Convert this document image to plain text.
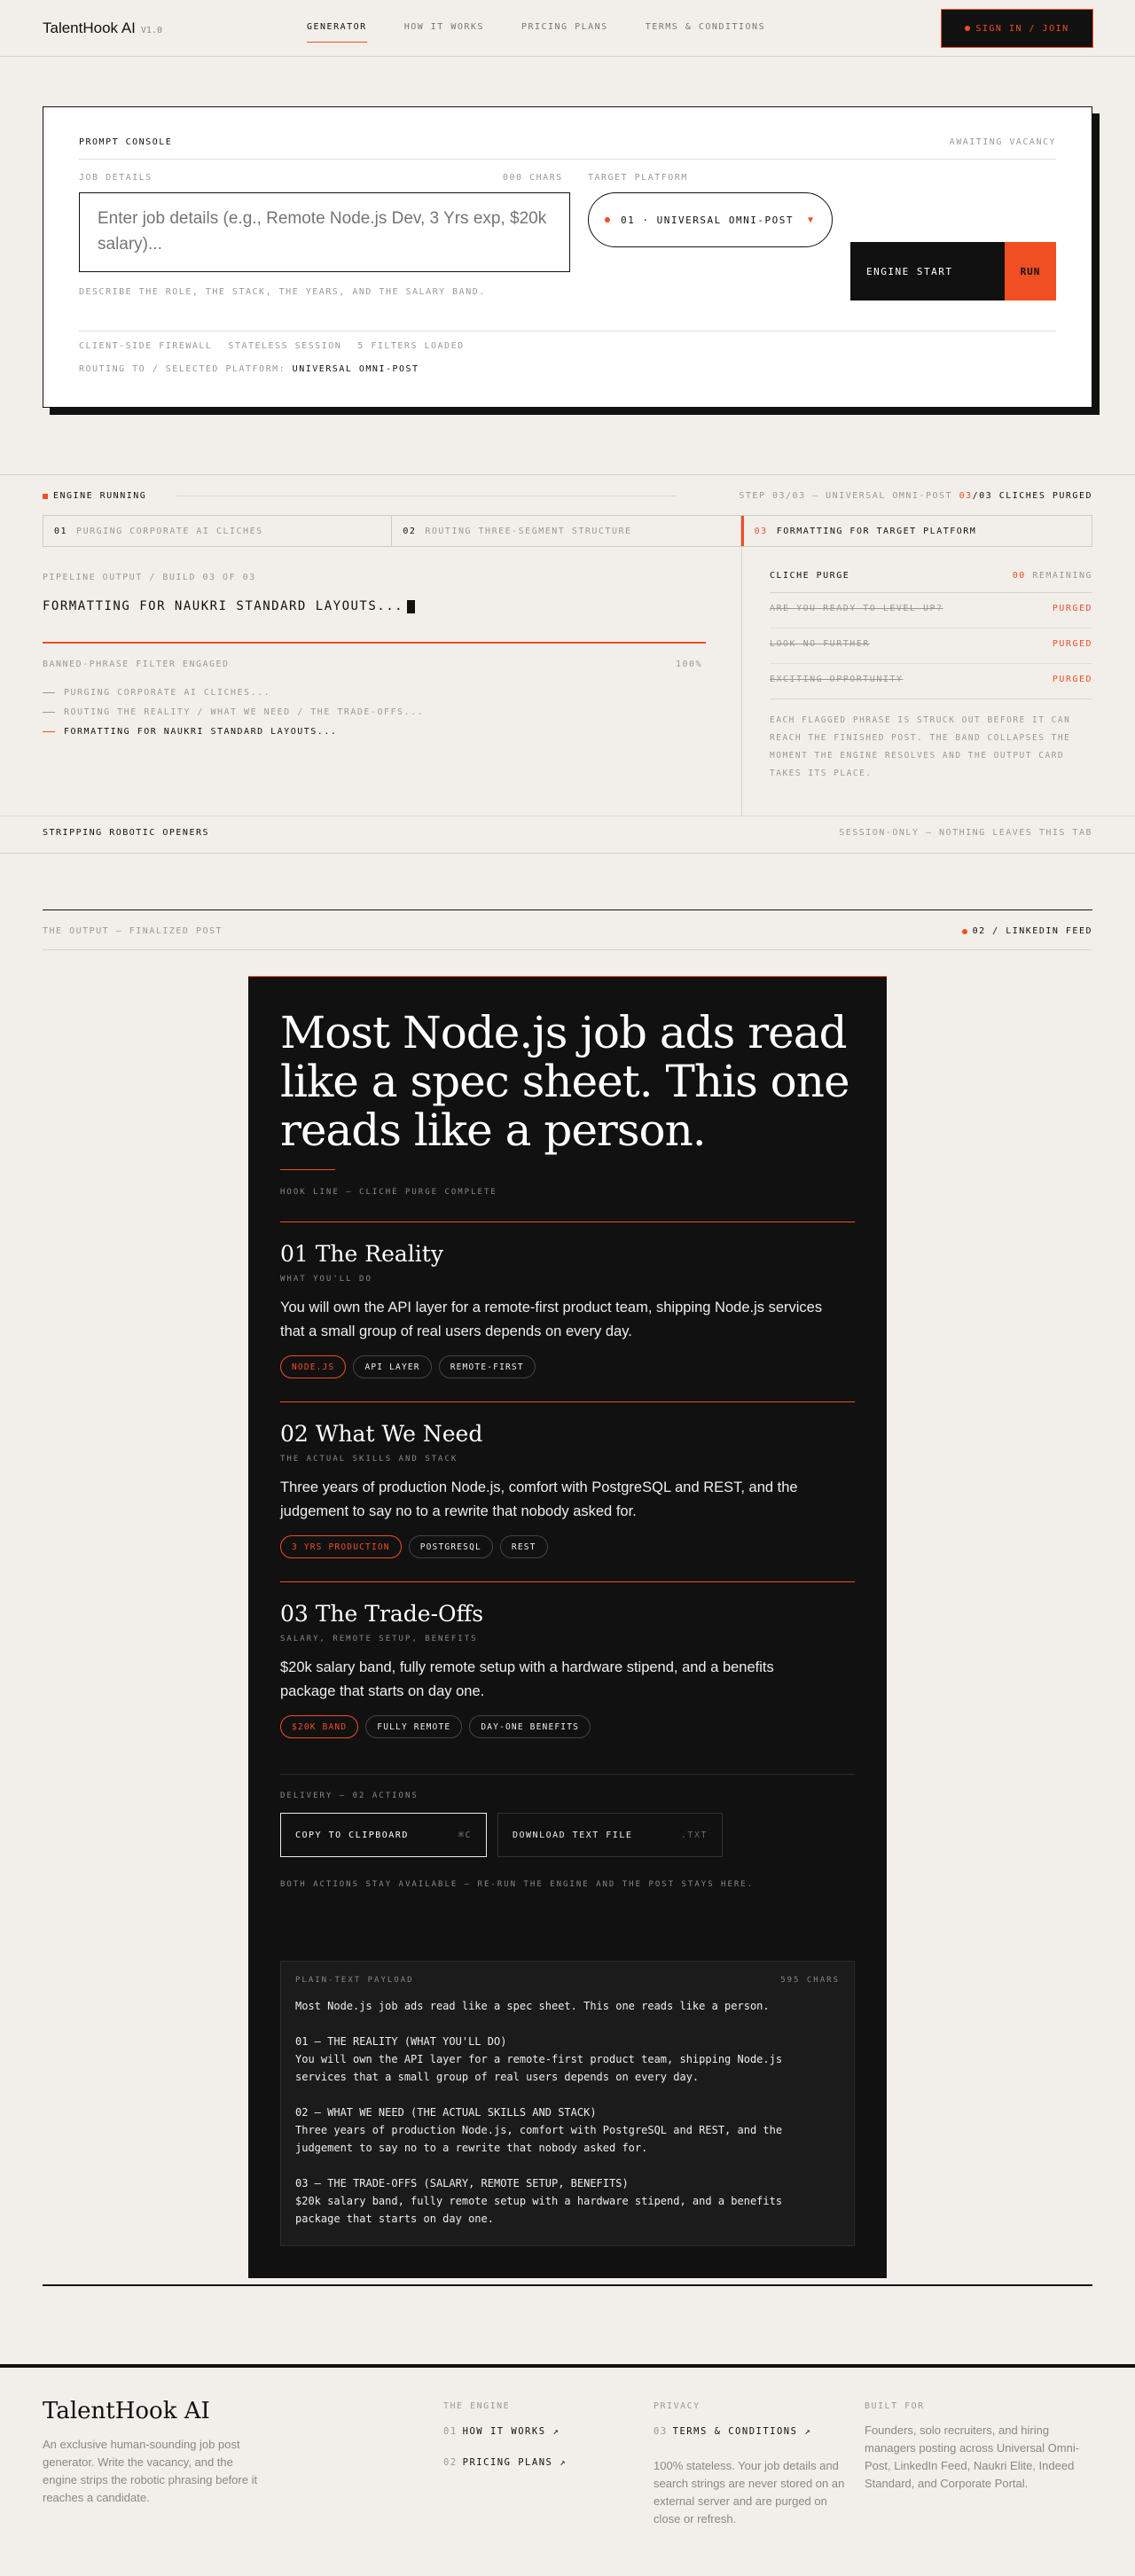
TalentHook AI V1.0	GENERATOR	HOW IT WORKS	PRICING PLANS	TERMS & CONDITIONS	SIGN IN / JOIN
PROMPT CONSOLE	AWAITING VACANCY
JOB DETAILS	000 CHARS	TARGET PLATFORM
Enter job details (e.g., Remote Node.js Dev, 3 Yrs exp, $20k salary)...
01 · UNIVERSAL OMNI-POST ▼
DESCRIBE THE ROLE, THE STACK, THE YEARS, AND THE SALARY BAND.
ENGINE START	RUN
CLIENT-SIDE FIREWALL STATELESS SESSION 5 FILTERS LOADED
ROUTING TO / SELECTED PLATFORM: UNIVERSAL OMNI-POST
ENGINE RUNNING	STEP 03/03 — UNIVERSAL OMNI-POST 03/03 CLICHES PURGED
01 PURGING CORPORATE AI CLICHES	02 ROUTING THREE-SEGMENT STRUCTURE	03 FORMATTING FOR TARGET PLATFORM
PIPELINE OUTPUT / BUILD 03 OF 03
FORMATTING FOR NAUKRI STANDARD LAYOUTS...
BANNED-PHRASE FILTER ENGAGED	100%
PURGING CORPORATE AI CLICHES...
ROUTING THE REALITY / WHAT WE NEED / THE TRADE-OFFS...
FORMATTING FOR NAUKRI STANDARD LAYOUTS...
CLICHE PURGE	00 REMAINING
ARE YOU READY TO LEVEL UP?	PURGED
LOOK NO FURTHER	PURGED
EXCITING OPPORTUNITY	PURGED
EACH FLAGGED PHRASE IS STRUCK OUT BEFORE IT CAN REACH THE FINISHED POST. THE BAND COLLAPSES THE MOMENT THE ENGINE RESOLVES AND THE OUTPUT CARD TAKES ITS PLACE.
STRIPPING ROBOTIC OPENERS	SESSION-ONLY — NOTHING LEAVES THIS TAB
THE OUTPUT — FINALIZED POST	02 / LINKEDIN FEED
Most Node.js job ads read like a spec sheet. This one reads like a person.
HOOK LINE — CLICHÉ PURGE COMPLETE
01 The Reality
WHAT YOU'LL DO
You will own the API layer for a remote-first product team, shipping Node.js services that a small group of real users depends on every day.
NODE.JS	API LAYER	REMOTE-FIRST
02 What We Need
THE ACTUAL SKILLS AND STACK
Three years of production Node.js, comfort with PostgreSQL and REST, and the judgement to say no to a rewrite that nobody asked for.
3 YRS PRODUCTION	POSTGRESQL	REST
03 The Trade-Offs
SALARY, REMOTE SETUP, BENEFITS
$20k salary band, fully remote setup with a hardware stipend, and a benefits package that starts on day one.
$20K BAND	FULLY REMOTE	DAY-ONE BENEFITS
DELIVERY — 02 ACTIONS
COPY TO CLIPBOARD	⌘C	DOWNLOAD TEXT FILE	.TXT
BOTH ACTIONS STAY AVAILABLE — RE-RUN THE ENGINE AND THE POST STAYS HERE.
PLAIN-TEXT PAYLOAD	595 CHARS
Most Node.js job ads read like a spec sheet. This one reads like a person.

01 — THE REALITY (WHAT YOU'LL DO)
You will own the API layer for a remote-first product team, shipping Node.js
services that a small group of real users depends on every day.

02 — WHAT WE NEED (THE ACTUAL SKILLS AND STACK)
Three years of production Node.js, comfort with PostgreSQL and REST, and the
judgement to say no to a rewrite that nobody asked for.

03 — THE TRADE-OFFS (SALARY, REMOTE SETUP, BENEFITS)
$20k salary band, fully remote setup with a hardware stipend, and a benefits
package that starts on day one.
TalentHook AI
An exclusive human-sounding job post generator. Write the vacancy, and the engine strips the robotic phrasing before it reaches a candidate.
THE ENGINE
01 HOW IT WORKS ↗
02 PRICING PLANS ↗
PRIVACY
03 TERMS & CONDITIONS ↗
100% stateless. Your job details and search strings are never stored on an external server and are purged on close or refresh.
BUILT FOR
Founders, solo recruiters, and hiring managers posting across Universal Omni-Post, LinkedIn Feed, Naukri Elite, Indeed Standard, and Corporate Portal.
